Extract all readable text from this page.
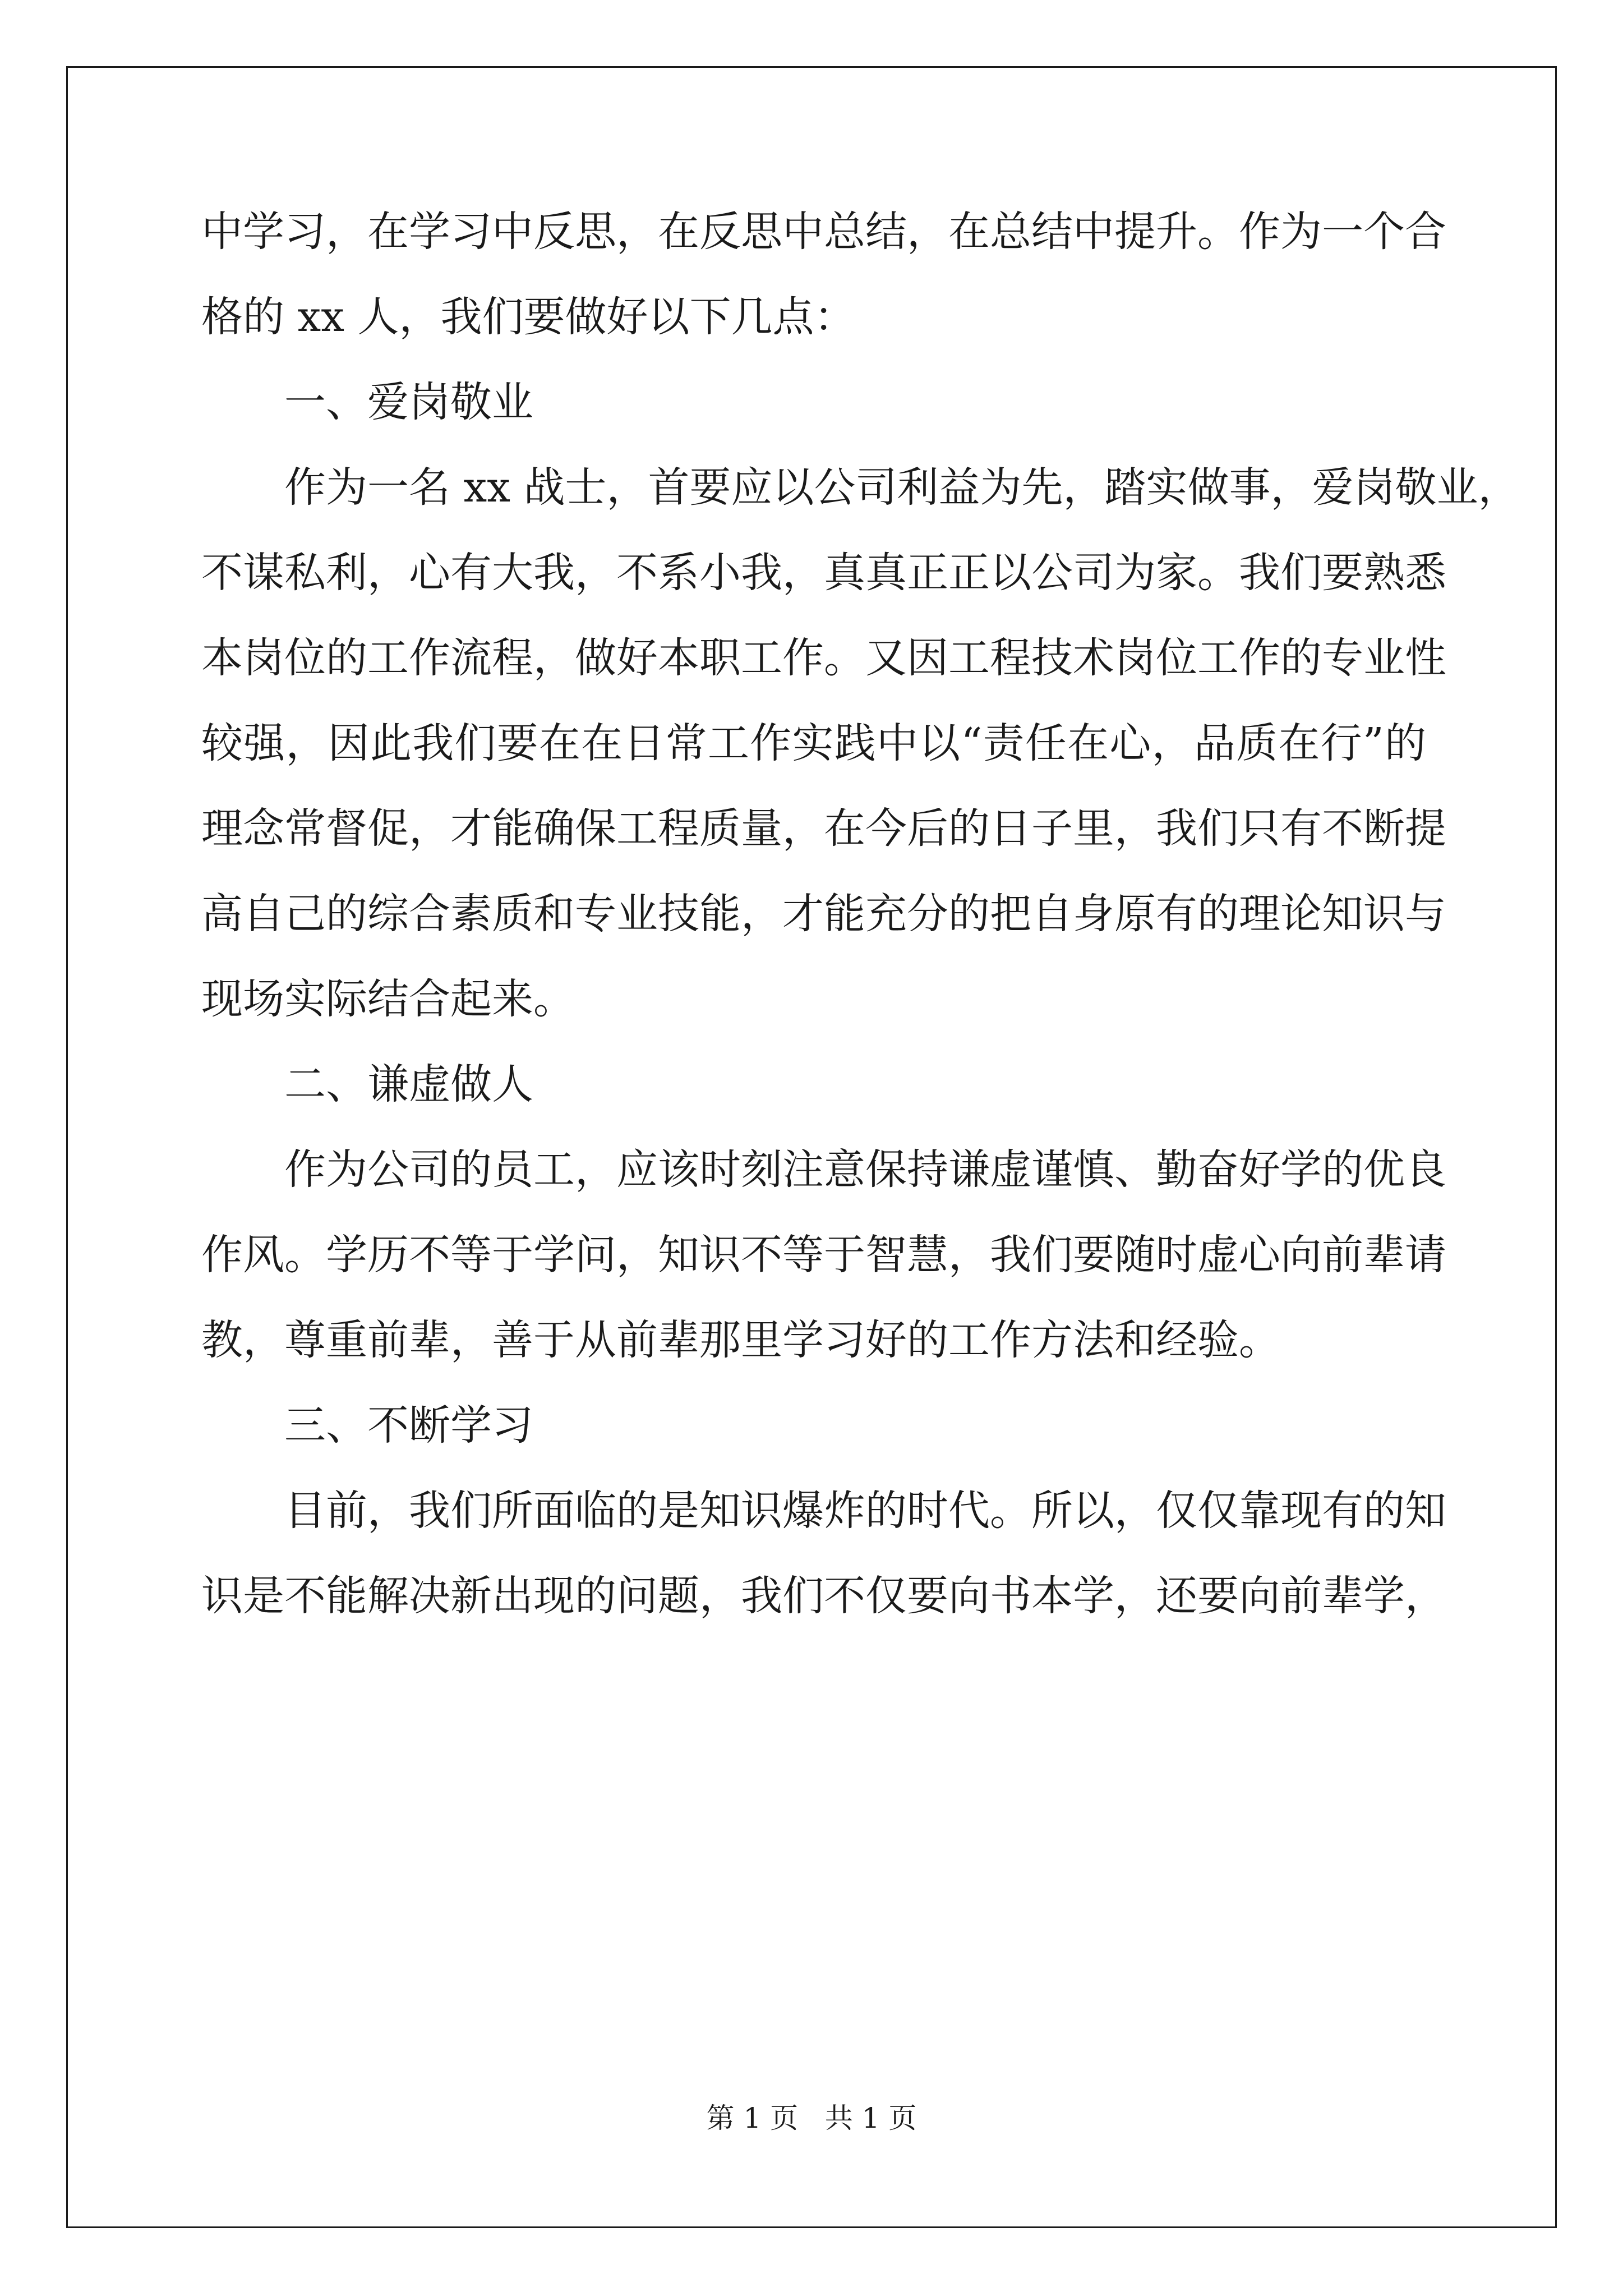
中学习，在学习中反思，在反思中总结，在总结中提升。作为一个合
格的 xx 人，我们要做好以下几点：
一、爱岗敬业
作为一名 xx 战士，首要应以公司利益为先，踏实做事，爱岗敬业，
不谋私利，心有大我，不系小我，真真正正以公司为家。我们要熟悉
本岗位的工作流程，做好本职工作。又因工程技术岗位工作的专业性
较强，因此我们要在在日常工作实践中以“责任在心，品质在行”的
理念常督促，才能确保工程质量，在今后的日子里，我们只有不断提
高自己的综合素质和专业技能，才能充分的把自身原有的理论知识与
现场实际结合起来。
二、谦虚做人
作为公司的员工，应该时刻注意保持谦虚谨慎、勤奋好学的优良
作风。学历不等于学问，知识不等于智慧，我们要随时虚心向前辈请
教，尊重前辈，善于从前辈那里学习好的工作方法和经验。
三、不断学习
目前，我们所面临的是知识爆炸的时代。所以，仅仅靠现有的知
识是不能解决新出现的问题，我们不仅要向书本学，还要向前辈学，
第 1 页   共 1 页
